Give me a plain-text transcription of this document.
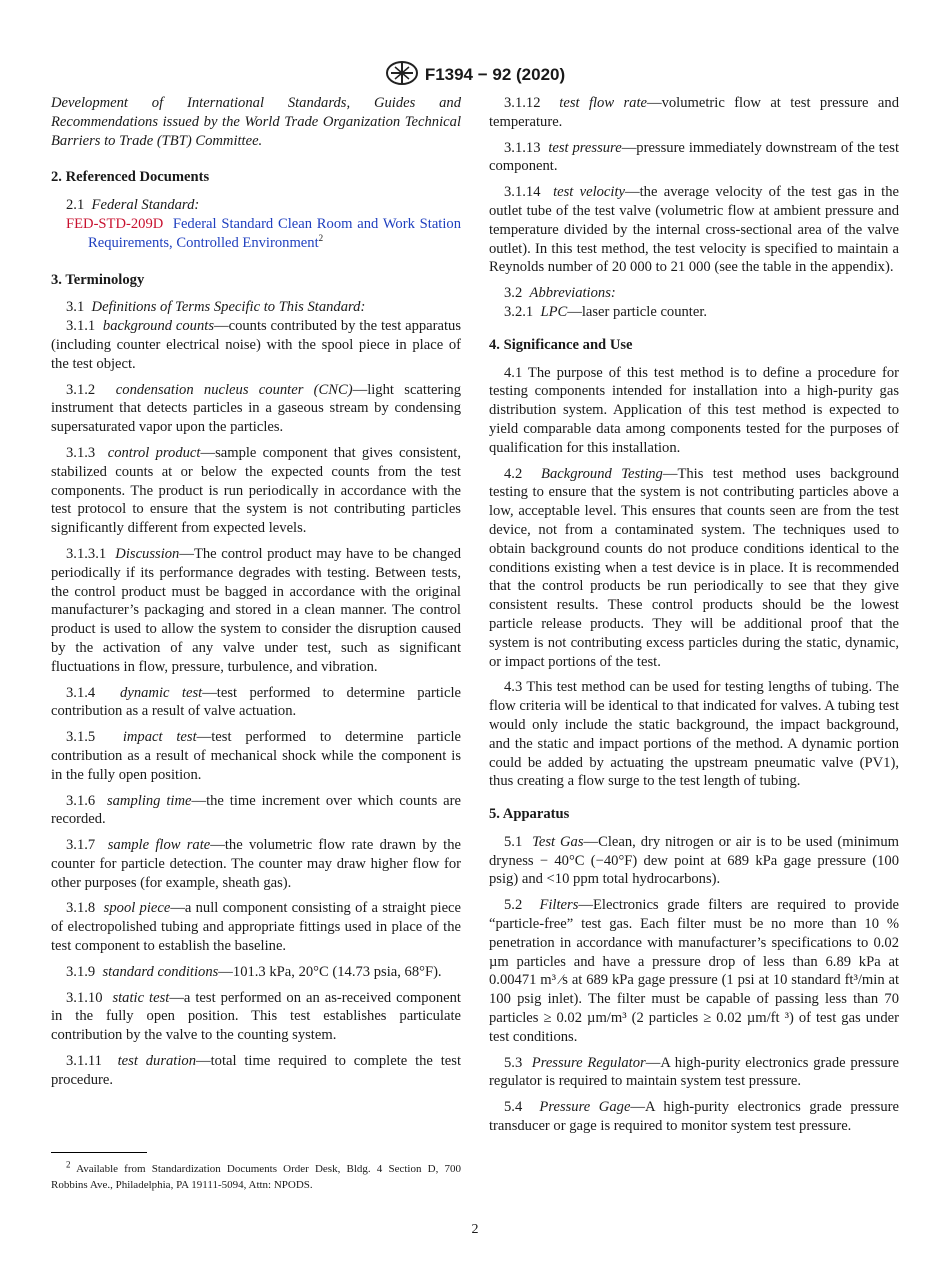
F1394 − 92 (2020)

Development of International Standards, Guides and Recommendations issued by the World Trade Organization Technical Barriers to Trade (TBT) Committee.

2. Referenced Documents

2.1 Federal Standard:

FED-STD-209D Federal Standard Clean Room and Work Station Requirements, Controlled Environment$^2$
3. Terminology

3.1 Definitions of Terms Specific to This Standard:

3.1.1 background counts—counts contributed by the test apparatus (including counter electrical noise) with the spool piece in place of the test object.

3.1.2 condensation nucleus counter (CNC)—light scattering instrument that detects particles in a gaseous stream by condensing supersaturated vapor upon the particles.

3.1.3 control product—sample component that gives consistent, stabilized counts at or below the expected counts from the test components. The product is run periodically in accordance with the test protocol to ensure that the system is not contributing particles significantly different from expected levels.

3.1.3.1 Discussion—The control product may have to be changed periodically if its performance degrades with testing. Between tests, the control product must be bagged in accordance with the original manufacturer’s packaging and stored in a clean manner. The control product is used to allow the system to consider the disruption caused by the activation of any valve under test, such as significant fluctuations in flow, pressure, turbulence, and vibration.

3.1.4 dynamic test—test performed to determine particle contribution as a result of valve actuation.

3.1.5 impact test—test performed to determine particle contribution as a result of mechanical shock while the component is in the fully open position.

3.1.6 sampling time—the time increment over which counts are recorded.

3.1.7 sample flow rate—the volumetric flow rate drawn by the counter for particle detection. The counter may draw higher flow for other purposes (for example, sheath gas).

3.1.8 spool piece—a null component consisting of a straight piece of electropolished tubing and appropriate fittings used in place of the test component to establish the baseline.

3.1.9 standard conditions—101.3 kPa, 20°C (14.73 psia, 68°F).

3.1.10 static test—a test performed on an as-received component in the fully open position. This test establishes particulate contribution by the valve to the counting system.

3.1.11 test duration—total time required to complete the test procedure.

$^2$ Available from Standardization Documents Order Desk, Bldg. 4 Section D, 700 Robbins Ave., Philadelphia, PA 19111-5094, Attn: NPODS.

3.1.12 test flow rate—volumetric flow at test pressure and temperature.

3.1.13 test pressure—pressure immediately downstream of the test component.

3.1.14 test velocity—the average velocity of the test gas in the outlet tube of the test valve (volumetric flow at ambient pressure and temperature divided by the internal cross-sectional area of the valve outlet). In this test method, the test velocity is specified to maintain a Reynolds number of 20 000 to 21 000 (see the table in the appendix).

3.2 Abbreviations:

3.2.1 LPC—laser particle counter.

4. Significance and Use

4.1 The purpose of this test method is to define a procedure for testing components intended for installation into a high-purity gas distribution system. Application of this test method is expected to yield comparable data among components tested for the purposes of qualification for this installation.

4.2 Background Testing—This test method uses background testing to ensure that the system is not contributing particles above a low, acceptable level. This ensures that counts seen are from the test device, not from a contaminated system. The techniques used to obtain background counts do not produce conditions identical to the conditions existing when a test device is in place. It is recommended that the control products be run periodically to see that they give consistent results. These control products should be the lowest particle release products. They will be additional proof that the system is not contributing excess particles during the static, dynamic, or impact portions of the test.

4.3 This test method can be used for testing lengths of tubing. The flow criteria will be identical to that indicated for valves. A tubing test would only include the static background, the impact background, and the static and impact portions of the method. A dynamic portion could be added by actuating the upstream pneumatic valve (PV1), thus creating a flow surge to the test length of tubing.

5. Apparatus

5.1 Test Gas—Clean, dry nitrogen or air is to be used (minimum dryness − 40°C (−40°F) dew point at 689 kPa gage pressure (100 psig) and <10 ppm total hydrocarbons).

5.2 Filters—Electronics grade filters are required to provide “particle-free” test gas. Each filter must be no more than 10 % penetration in accordance with manufacturer’s specifications to 0.02 µm particles and have a pressure drop of less than 6.89 kPa at 0.00471 m³ ⁄s at 689 kPa gage pressure (1 psi at 10 standard ft³/min at 100 psig inlet). The filter must be capable of passing less than 70 particles ≥ 0.02 µm/m³ (2 particles ≥ 0.02 µm/ft ³) of test gas under test conditions.

5.3 Pressure Regulator—A high-purity electronics grade pressure regulator is required to maintain system test pressure.

5.4 Pressure Gage—A high-purity electronics grade pressure transducer or gage is required to monitor system test pressure.

2
